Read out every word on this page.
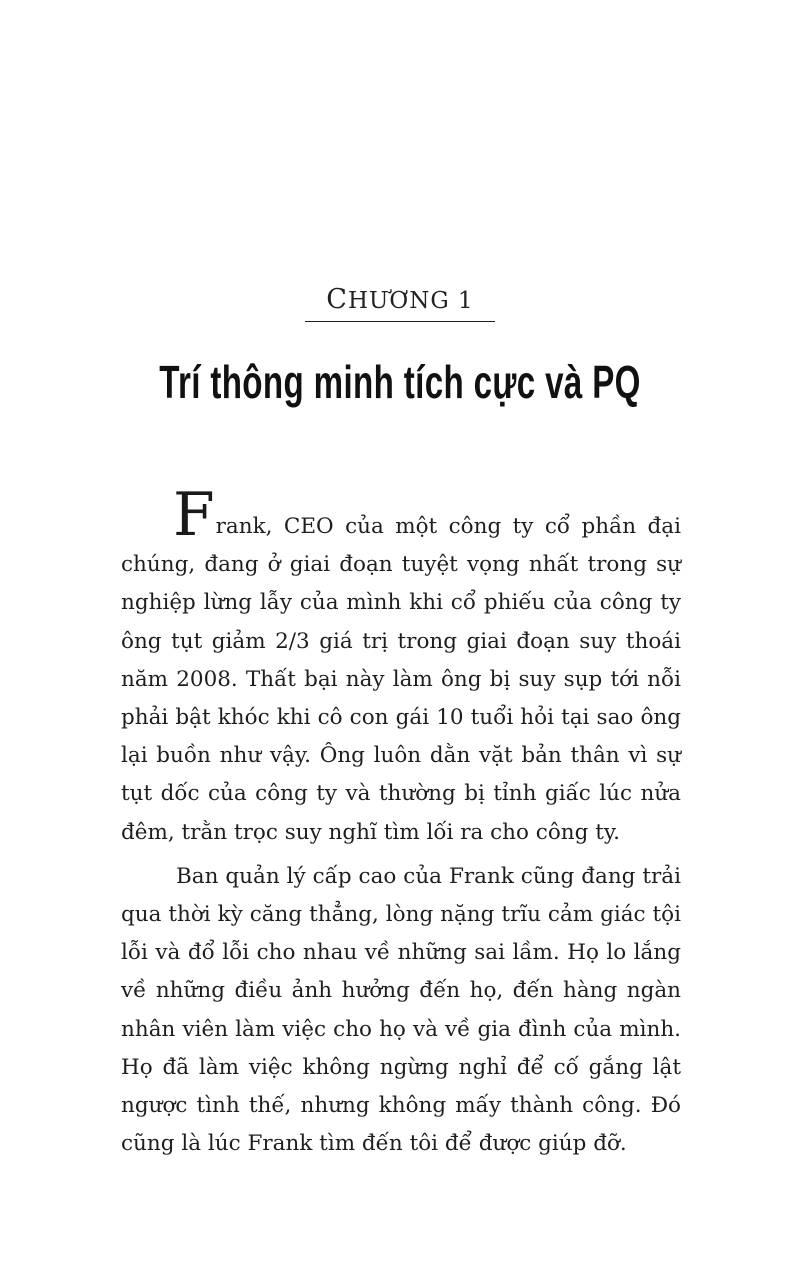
CHƯƠNG 1
Trí thông minh tích cực và PQ

Frank, CEO của một công ty cổ phần đại chúng, đang ở giai đoạn tuyệt vọng nhất trong sự nghiệp lừng lẫy của mình khi cổ phiếu của công ty ông tụt giảm 2/3 giá trị trong giai đoạn suy thoái năm 2008. Thất bại này làm ông bị suy sụp tới nỗi phải bật khóc khi cô con gái 10 tuổi hỏi tại sao ông lại buồn như vậy. Ông luôn dằn vặt bản thân vì sự tụt dốc của công ty và thường bị tỉnh giấc lúc nửa đêm, trằn trọc suy nghĩ tìm lối ra cho công ty.

Ban quản lý cấp cao của Frank cũng đang trải qua thời kỳ căng thẳng, lòng nặng trĩu cảm giác tội lỗi và đổ lỗi cho nhau về những sai lầm. Họ lo lắng về những điều ảnh hưởng đến họ, đến hàng ngàn nhân viên làm việc cho họ và về gia đình của mình. Họ đã làm việc không ngừng nghỉ để cố gắng lật ngược tình thế, nhưng không mấy thành công. Đó cũng là lúc Frank tìm đến tôi để được giúp đỡ.
